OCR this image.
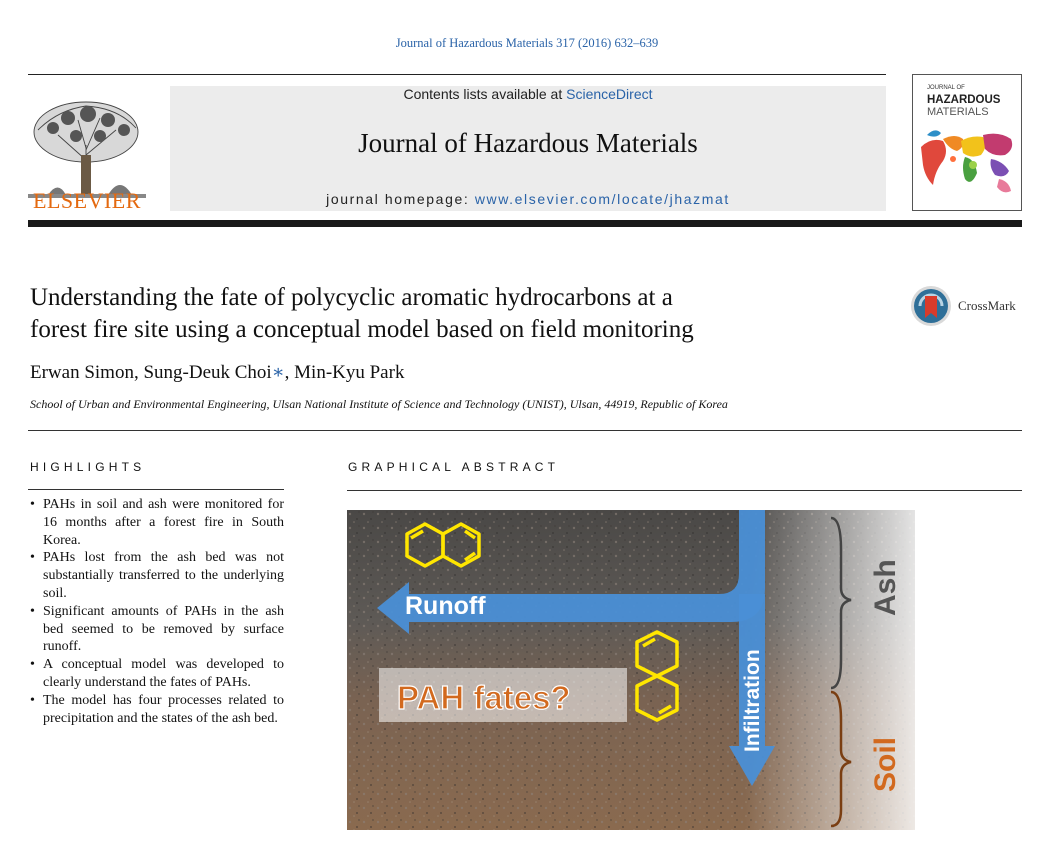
Journal of Hazardous Materials 317 (2016) 632–639
ELSEVIER
Contents lists available at ScienceDirect
Journal of Hazardous Materials
journal homepage: www.elsevier.com/locate/jhazmat
JOURNAL OF
HAZARDOUS
MATERIALS
Understanding the fate of polycyclic aromatic hydrocarbons at a
forest fire site using a conceptual model based on field monitoring
CrossMark
Erwan Simon, Sung-Deuk Choi∗, Min-Kyu Park
School of Urban and Environmental Engineering, Ulsan National Institute of Science and Technology (UNIST), Ulsan, 44919, Republic of Korea
HIGHLIGHTS
• PAHs in soil and ash were monitored for 16 months after a forest fire in South Korea.
• PAHs lost from the ash bed was not substantially transferred to the underlying soil.
• Significant amounts of PAHs in the ash bed seemed to be removed by surface runoff.
• A conceptual model was developed to clearly understand the fates of PAHs.
• The model has four processes related to precipitation and the states of the ash bed.
GRAPHICAL ABSTRACT
Runoff
Infiltration
PAH fates?
Ash
Soil
